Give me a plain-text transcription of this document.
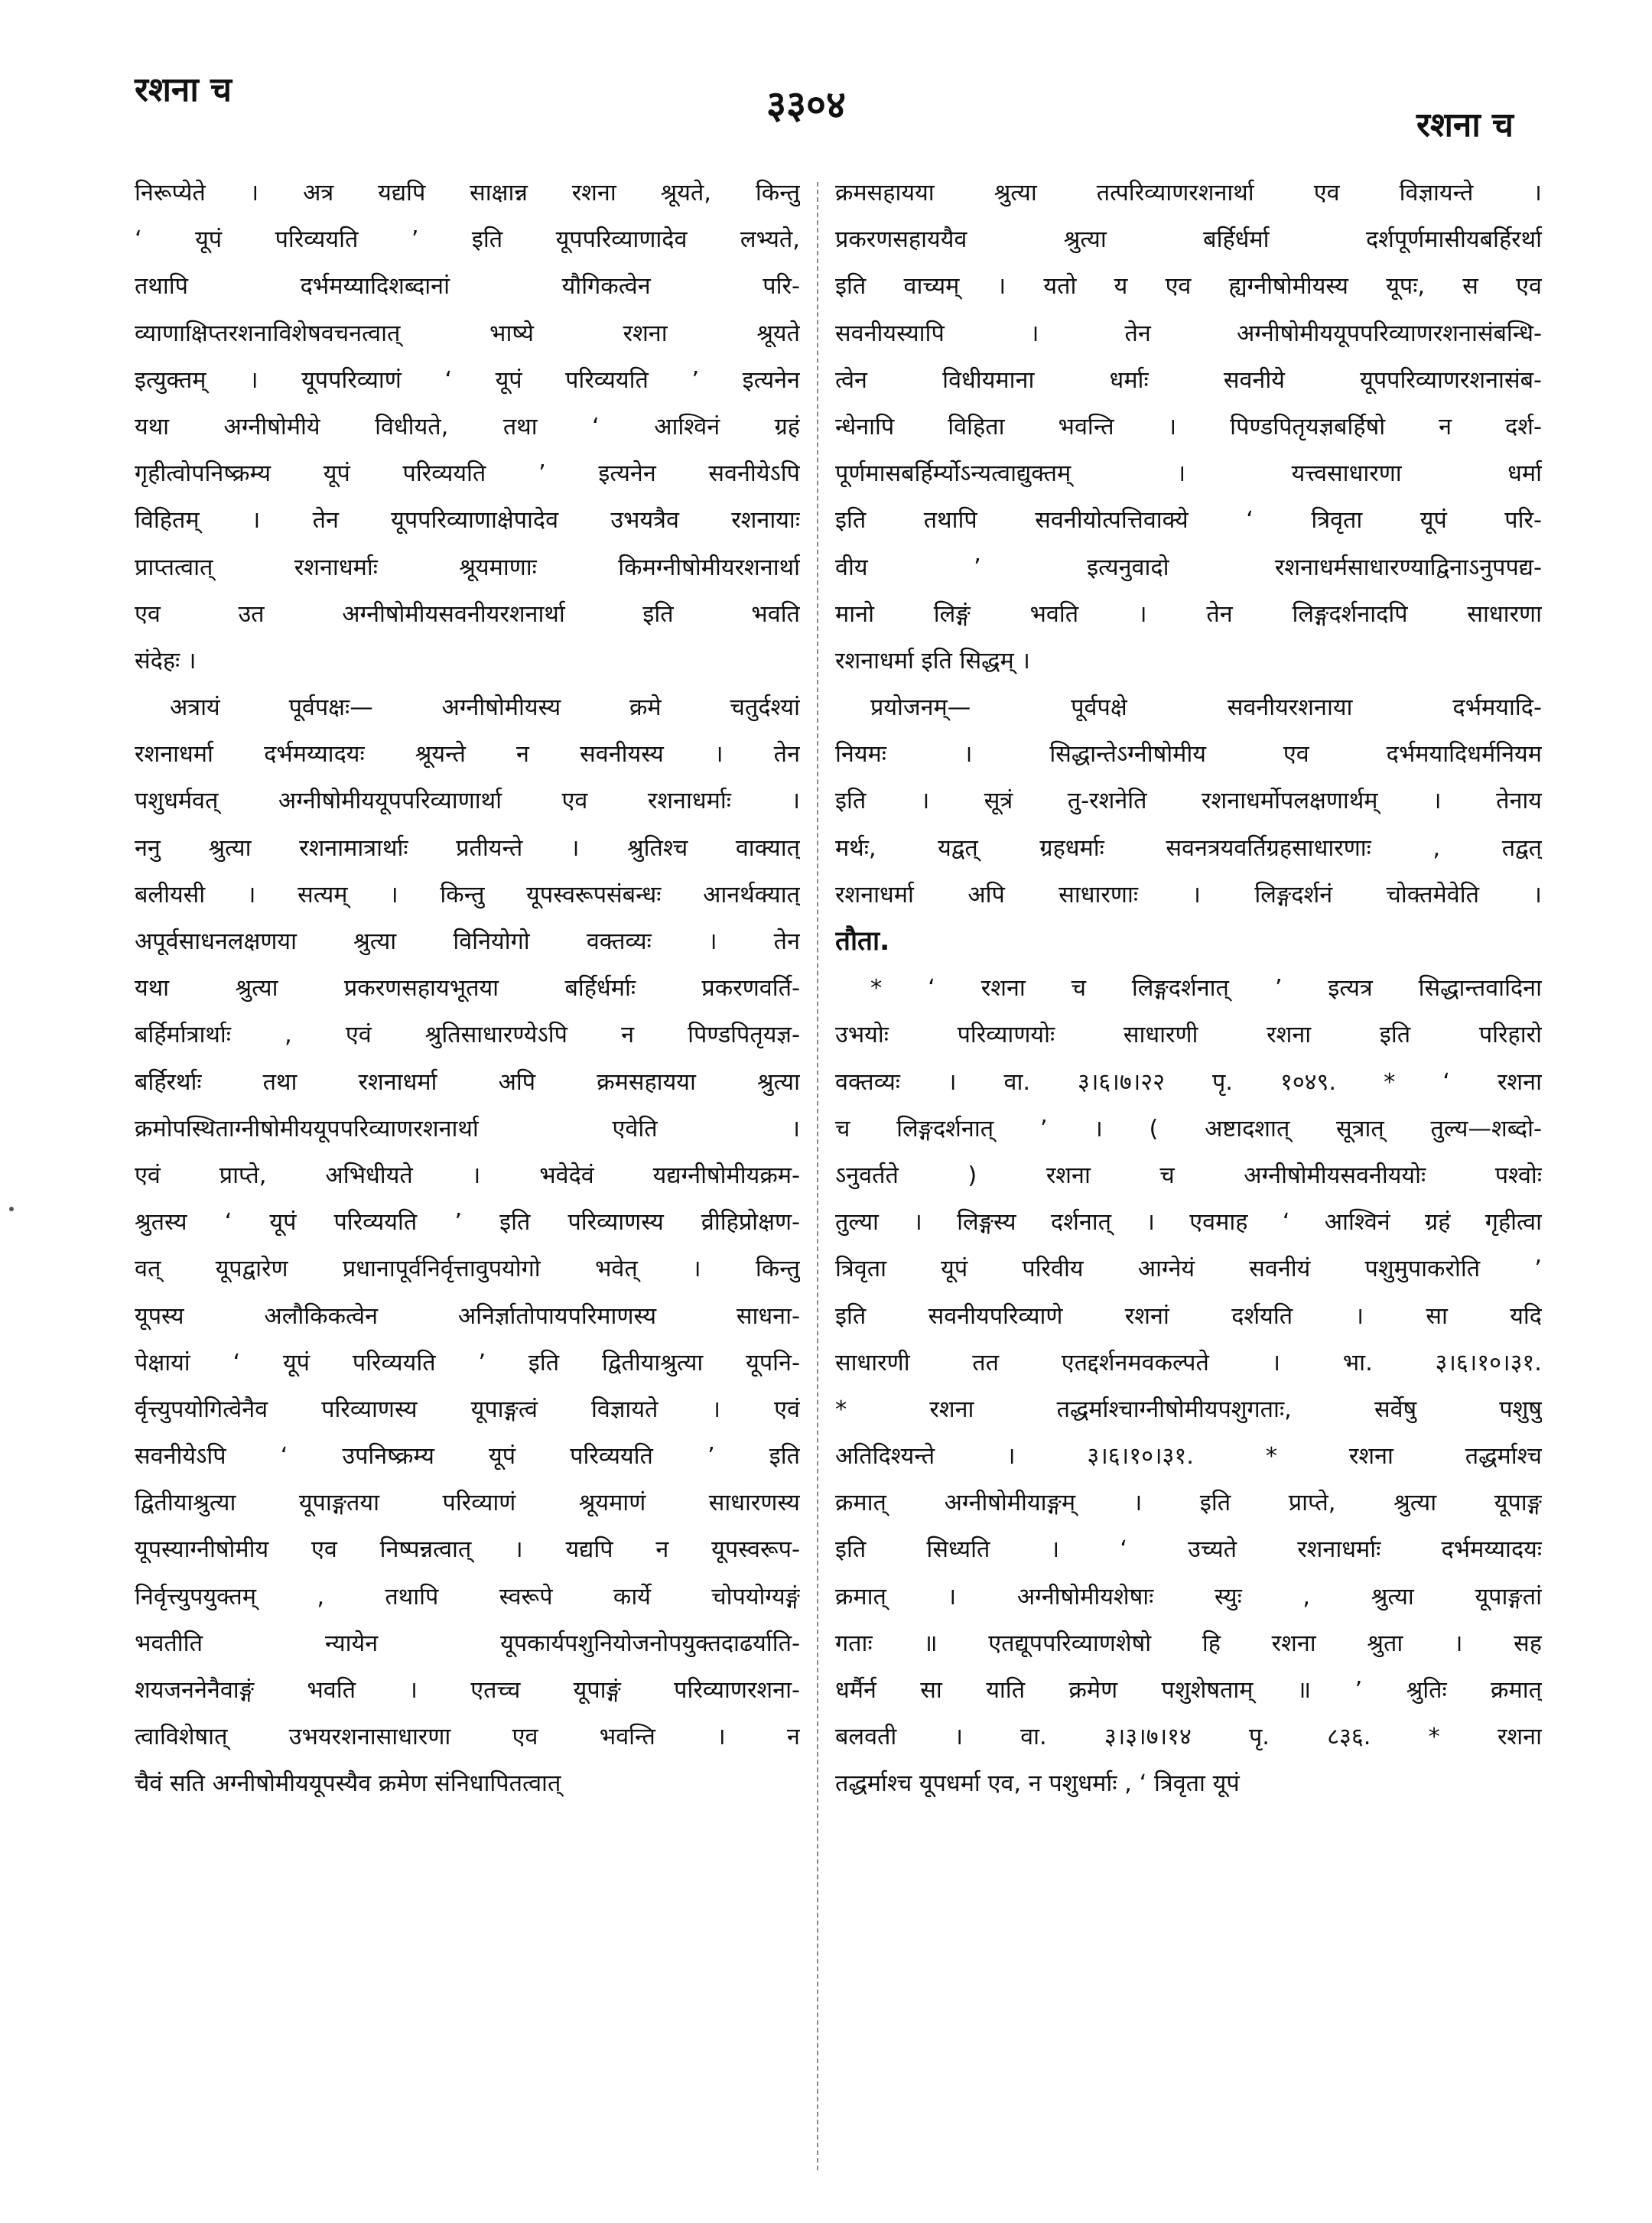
रशना च	३३०४	रशना च
निरूप्येते । अत्र यद्यपि साक्षान्न रशना श्रूयते, किन्तु
‘ यूपं परिव्ययति ’ इति यूपपरिव्याणादेव लभ्यते,
तथापि दर्भमय्यादिशब्दानां यौगिकत्वेन परि-
व्याणाक्षिप्तरशनाविशेषवचनत्वात् भाष्ये रशना श्रूयते
इत्युक्तम् । यूपपरिव्याणं ‘ यूपं परिव्ययति ’ इत्यनेन
यथा अग्नीषोमीये विधीयते, तथा ‘ आश्विनं ग्रहं
गृहीत्वोपनिष्क्रम्य यूपं परिव्ययति ’ इत्यनेन सवनीयेऽपि
विहितम् । तेन यूपपरिव्याणाक्षेपादेव उभयत्रैव रशनायाः
प्राप्तत्वात् रशनाधर्माः श्रूयमाणाः किमग्नीषोमीयरशनार्था
एव उत अग्नीषोमीयसवनीयरशनार्था इति भवति
संदेहः ।
अत्रायं पूर्वपक्षः— अग्नीषोमीयस्य क्रमे चतुर्दश्यां
रशनाधर्मा दर्भमय्यादयः श्रूयन्ते न सवनीयस्य । तेन
पशुधर्मवत् अग्नीषोमीययूपपरिव्याणार्था एव रशनाधर्माः ।
ननु श्रुत्या रशनामात्रार्थाः प्रतीयन्ते । श्रुतिश्च वाक्यात्
बलीयसी । सत्यम् । किन्तु यूपस्वरूपसंबन्धः आनर्थक्यात्
अपूर्वसाधनलक्षणया श्रुत्या विनियोगो वक्तव्यः । तेन
यथा श्रुत्या प्रकरणसहायभूतया बर्हिर्धर्माः प्रकरणवर्ति-
बर्हिर्मात्रार्थाः , एवं श्रुतिसाधारण्येऽपि न पिण्डपितृयज्ञ-
बर्हिरर्थाः तथा रशनाधर्मा अपि क्रमसहायया श्रुत्या
क्रमोपस्थिताग्नीषोमीययूपपरिव्याणरशनार्था एवेति ।
एवं प्राप्ते, अभिधीयते । भवेदेवं यद्यग्नीषोमीयक्रम-
श्रुतस्य ‘ यूपं परिव्ययति ’ इति परिव्याणस्य व्रीहिप्रोक्षण-
वत् यूपद्वारेण प्रधानापूर्वनिर्वृत्तावुपयोगो भवेत् । किन्तु
यूपस्य अलौकिकत्वेन अनिर्ज्ञातोपायपरिमाणस्य साधना-
पेक्षायां ‘ यूपं परिव्ययति ’ इति द्वितीयाश्रुत्या यूपनि-
र्वृत्त्युपयोगित्वेनैव परिव्याणस्य यूपाङ्गत्वं विज्ञायते । एवं
सवनीयेऽपि ‘ उपनिष्क्रम्य यूपं परिव्ययति ’ इति
द्वितीयाश्रुत्या यूपाङ्गतया परिव्याणं श्रूयमाणं साधारणस्य
यूपस्याग्नीषोमीय एव निष्पन्नत्वात् । यद्यपि न यूपस्वरूप-
निर्वृत्त्युपयुक्तम् , तथापि स्वरूपे कार्ये चोपयोग्यङ्गं
भवतीति न्यायेन यूपकार्यपशुनियोजनोपयुक्तदाढर्याति-
शयजननेनैवाङ्गं भवति । एतच्च यूपाङ्गं परिव्याणरशना-
त्वाविशेषात् उभयरशनासाधारणा एव भवन्ति । न
चैवं सति अग्नीषोमीययूपस्यैव क्रमेण संनिधापितत्वात्
क्रमसहायया श्रुत्या तत्परिव्याणरशनार्था एव विज्ञायन्ते ।
प्रकरणसहाययैव श्रुत्या बर्हिर्धर्मा दर्शपूर्णमासीयबर्हिरर्था
इति वाच्यम् । यतो य एव ह्यग्नीषोमीयस्य यूपः, स एव
सवनीयस्यापि । तेन अग्नीषोमीययूपपरिव्याणरशनासंबन्धि-
त्वेन विधीयमाना धर्माः सवनीये यूपपरिव्याणरशनासंब-
न्धेनापि विहिता भवन्ति । पिण्डपितृयज्ञबर्हिषो न दर्श-
पूर्णमासबर्हिर्म्योऽन्यत्वाद्युक्तम् । यत्त्वसाधारणा धर्मा
इति तथापि सवनीयोत्पत्तिवाक्ये ‘ त्रिवृता यूपं परि-
वीय ’ इत्यनुवादो रशनाधर्मसाधारण्याद्विनाऽनुपपद्य-
मानो लिङ्गं भवति । तेन लिङ्गदर्शनादपि साधारणा
रशनाधर्मा इति सिद्धम् ।
प्रयोजनम्— पूर्वपक्षे सवनीयरशनाया दर्भमयादि-
नियमः । सिद्धान्तेऽग्नीषोमीय एव दर्भमयादिधर्मनियम
इति । सूत्रं तु-रशनेति रशनाधर्मोपलक्षणार्थम् । तेनाय
मर्थः, यद्वत् ग्रहधर्माः सवनत्रयवर्तिग्रहसाधारणाः , तद्वत्
रशनाधर्मा अपि साधारणाः । लिङ्गदर्शनं चोक्तमेवेति ।
तौता.
* ‘ रशना च लिङ्गदर्शनात् ’ इत्यत्र सिद्धान्तवादिना
उभयोः परिव्याणयोः साधारणी रशना इति परिहारो
वक्तव्यः । वा. ३।६।७।२२ पृ. १०४९. * ‘ रशना
च लिङ्गदर्शनात् ’ । ( अष्टादशात् सूत्रात् तुल्य—शब्दो-
ऽनुवर्तते ) रशना च अग्नीषोमीयसवनीययोः पश्वोः
तुल्या । लिङ्गस्य दर्शनात् । एवमाह ‘ आश्विनं ग्रहं गृहीत्वा
त्रिवृता यूपं परिवीय आग्नेयं सवनीयं पशुमुपाकरोति ’
इति सवनीयपरिव्याणे रशनां दर्शयति । सा यदि
साधारणी तत एतद्दर्शनमवकल्पते । भा. ३।६।१०।३१.
* रशना तद्धर्माश्चाग्नीषोमीयपशुगताः, सर्वेषु पशुषु
अतिदिश्यन्ते । ३।६।१०।३१. * रशना तद्धर्माश्च
क्रमात् अग्नीषोमीयाङ्गम् । इति प्राप्ते, श्रुत्या यूपाङ्ग
इति सिध्यति । ‘ उच्यते रशनाधर्माः दर्भमय्यादयः
क्रमात् । अग्नीषोमीयशेषाः स्युः , श्रुत्या यूपाङ्गतां
गताः ॥ एतद्यूपपरिव्याणशेषो हि रशना श्रुता । सह
धर्मैर्न सा याति क्रमेण पशुशेषताम् ॥ ’ श्रुतिः क्रमात्
बलवती । वा. ३।३।७।१४ पृ. ८३६. * रशना
तद्धर्माश्च यूपधर्मा एव, न पशुधर्माः , ‘ त्रिवृता यूपं
